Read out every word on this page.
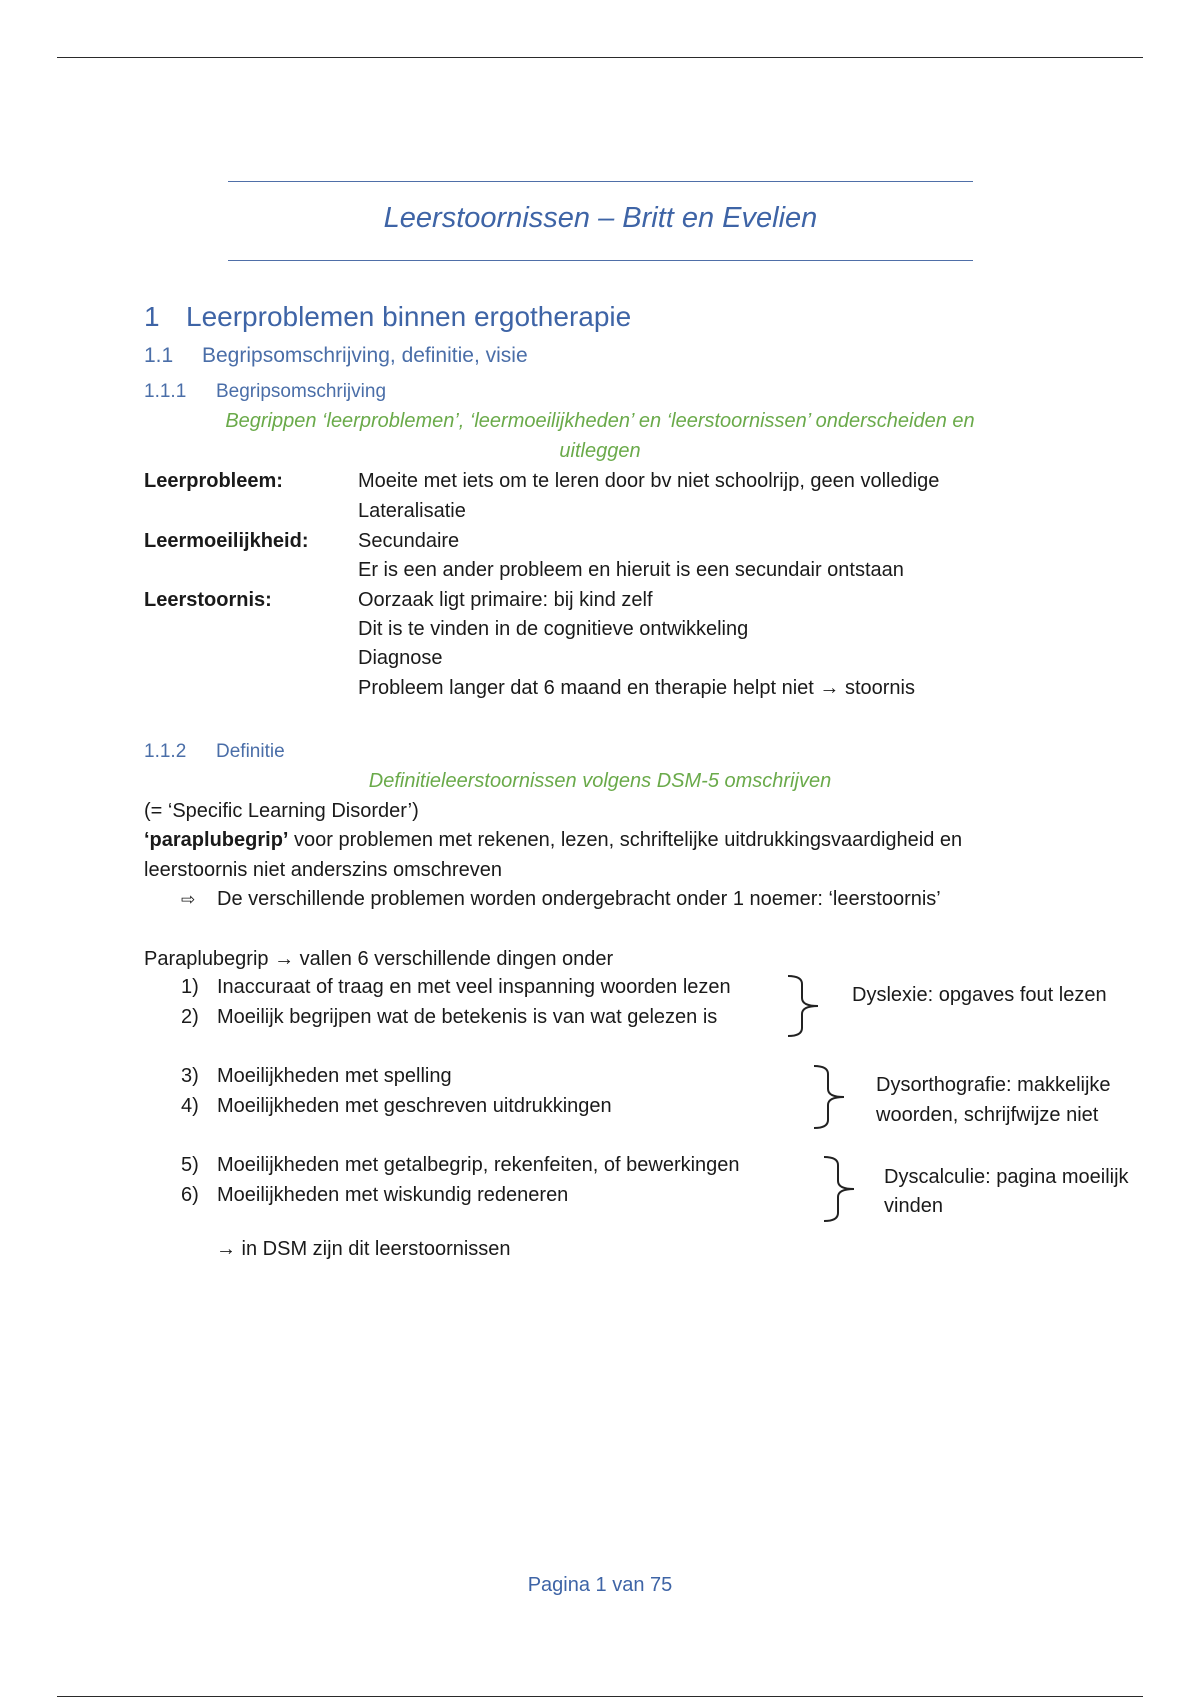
Leerstoornissen – Britt en Evelien
1 Leerproblemen binnen ergotherapie
1.1 Begripsomschrijving, definitie, visie
1.1.1 Begripsomschrijving
Begrippen ‘leerproblemen’, ‘leermoeilijkheden’ en ‘leerstoornissen’ onderscheiden en
uitleggen
Leerprobleem:	Moeite met iets om te leren door bv niet schoolrijp, geen volledige
Lateralisatie
Leermoeilijkheid: Secundaire
Er is een ander probleem en hieruit is een secundair ontstaan
Leerstoornis:	Oorzaak ligt primaire: bij kind zelf
Dit is te vinden in de cognitieve ontwikkeling
Diagnose
Probleem langer dat 6 maand en therapie helpt niet → stoornis
1.1.2 Definitie
Definitieleerstoornissen volgens DSM-5 omschrijven
(= ‘Specific Learning Disorder’)
‘paraplubegrip’ voor problemen met rekenen, lezen, schriftelijke uitdrukkingsvaardigheid en
leerstoornis niet anderszins omschreven
⇨ De verschillende problemen worden ondergebracht onder 1 noemer: ‘leerstoornis’
Paraplubegrip → vallen 6 verschillende dingen onder
1) Inaccuraat of traag en met veel inspanning woorden lezen
2) Moeilijk begrijpen wat de betekenis is van wat gelezen is
3) Moeilijkheden met spelling
4) Moeilijkheden met geschreven uitdrukkingen
5) Moeilijkheden met getalbegrip, rekenfeiten, of bewerkingen
6) Moeilijkheden met wiskundig redeneren
Dyslexie: opgaves fout lezen
Dysorthografie: makkelijke
woorden, schrijfwijze niet
Dyscalculie: pagina moeilijk
vinden
→ in DSM zijn dit leerstoornissen
Pagina 1 van 75
